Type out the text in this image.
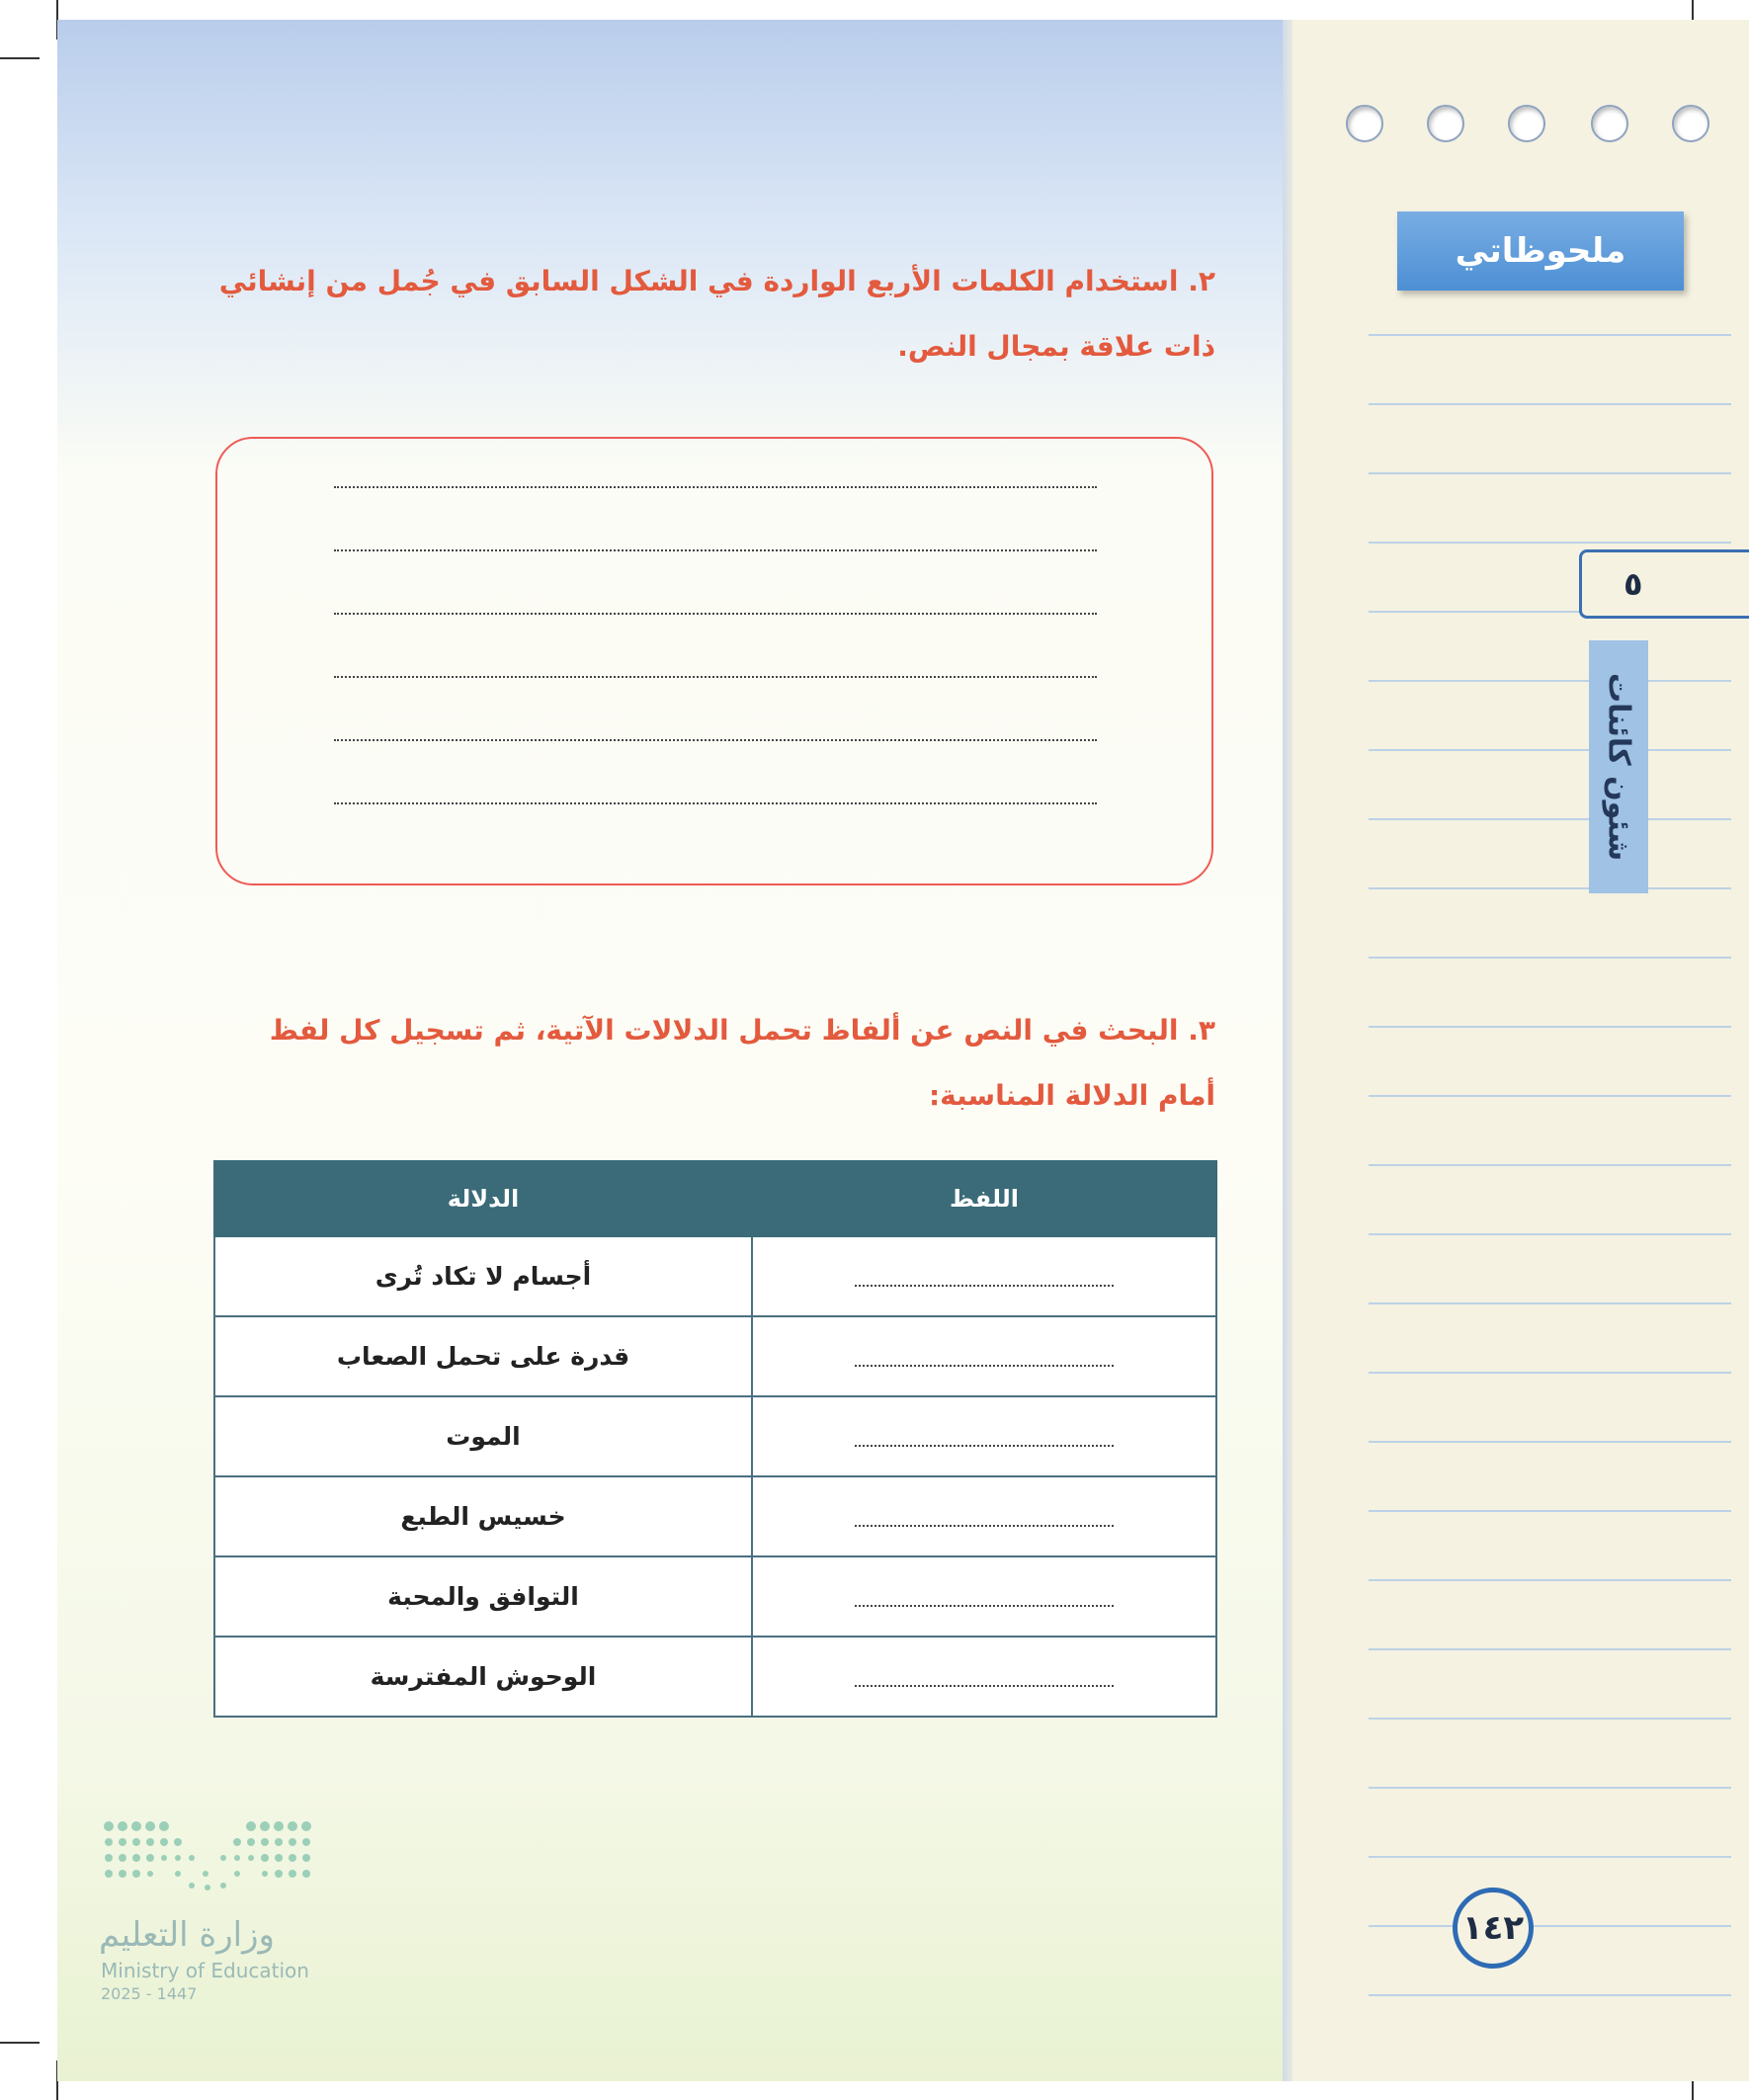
ملحوظاتي
٥
شئون كائنات
١٤٢
٢. استخدام الكلمات الأربع الواردة في الشكل السابق في جُمل من إنشائي
ذات علاقة بمجال النص.
٣. البحث في النص عن ألفاظ تحمل الدلالات الآتية، ثم تسجيل كل لفظ
أمام الدلالة المناسبة:
اللفظ	الدلالة
	أجسام لا تكاد تُرى
	قدرة على تحمل الصعاب
	الموت
	خسيس الطبع
	التوافق والمحبة
	الوحوش المفترسة
وزارة التعليم
Ministry of Education
2025 - 1447
